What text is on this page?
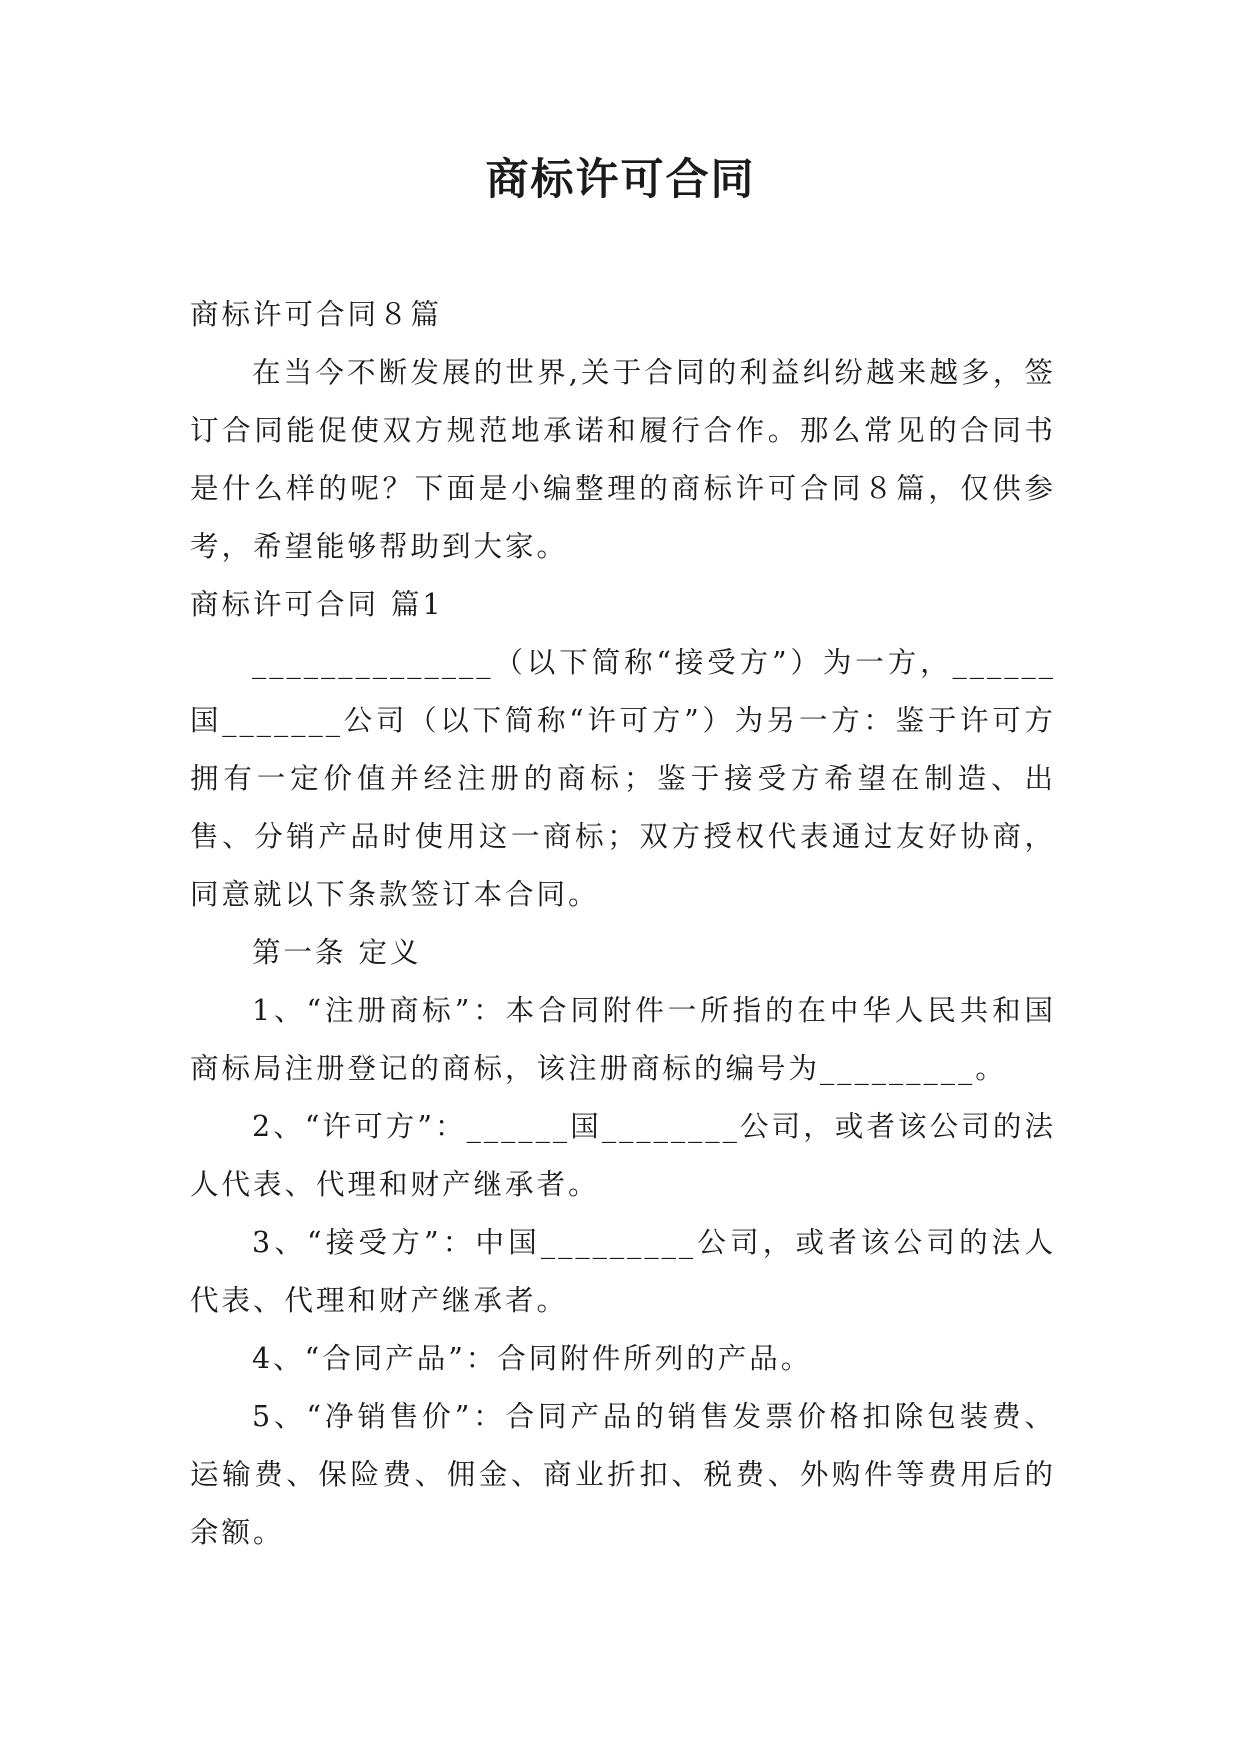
商标许可合同

商标许可合同８篇

在当今不断发展的世界,关于合同的利益纠纷越来越多，签订合同能促使双方规范地承诺和履行合作。那么常见的合同书是什么样的呢？下面是小编整理的商标许可合同８篇，仅供参考，希望能够帮助到大家。

商标许可合同 篇1

______________（以下简称“接受方”）为一方，______国_______公司（以下简称“许可方”）为另一方：鉴于许可方拥有一定价值并经注册的商标；鉴于接受方希望在制造、出售、分销产品时使用这一商标；双方授权代表通过友好协商，同意就以下条款签订本合同。

第一条 定义

1、“注册商标”：本合同附件一所指的在中华人民共和国商标局注册登记的商标，该注册商标的编号为_________。

2、“许可方”：______国________公司，或者该公司的法人代表、代理和财产继承者。

3、“接受方”：中国_________公司，或者该公司的法人代表、代理和财产继承者。

4、“合同产品”：合同附件所列的产品。

5、“净销售价”：合同产品的销售发票价格扣除包装费、运输费、保险费、佣金、商业折扣、税费、外购件等费用后的余额。
